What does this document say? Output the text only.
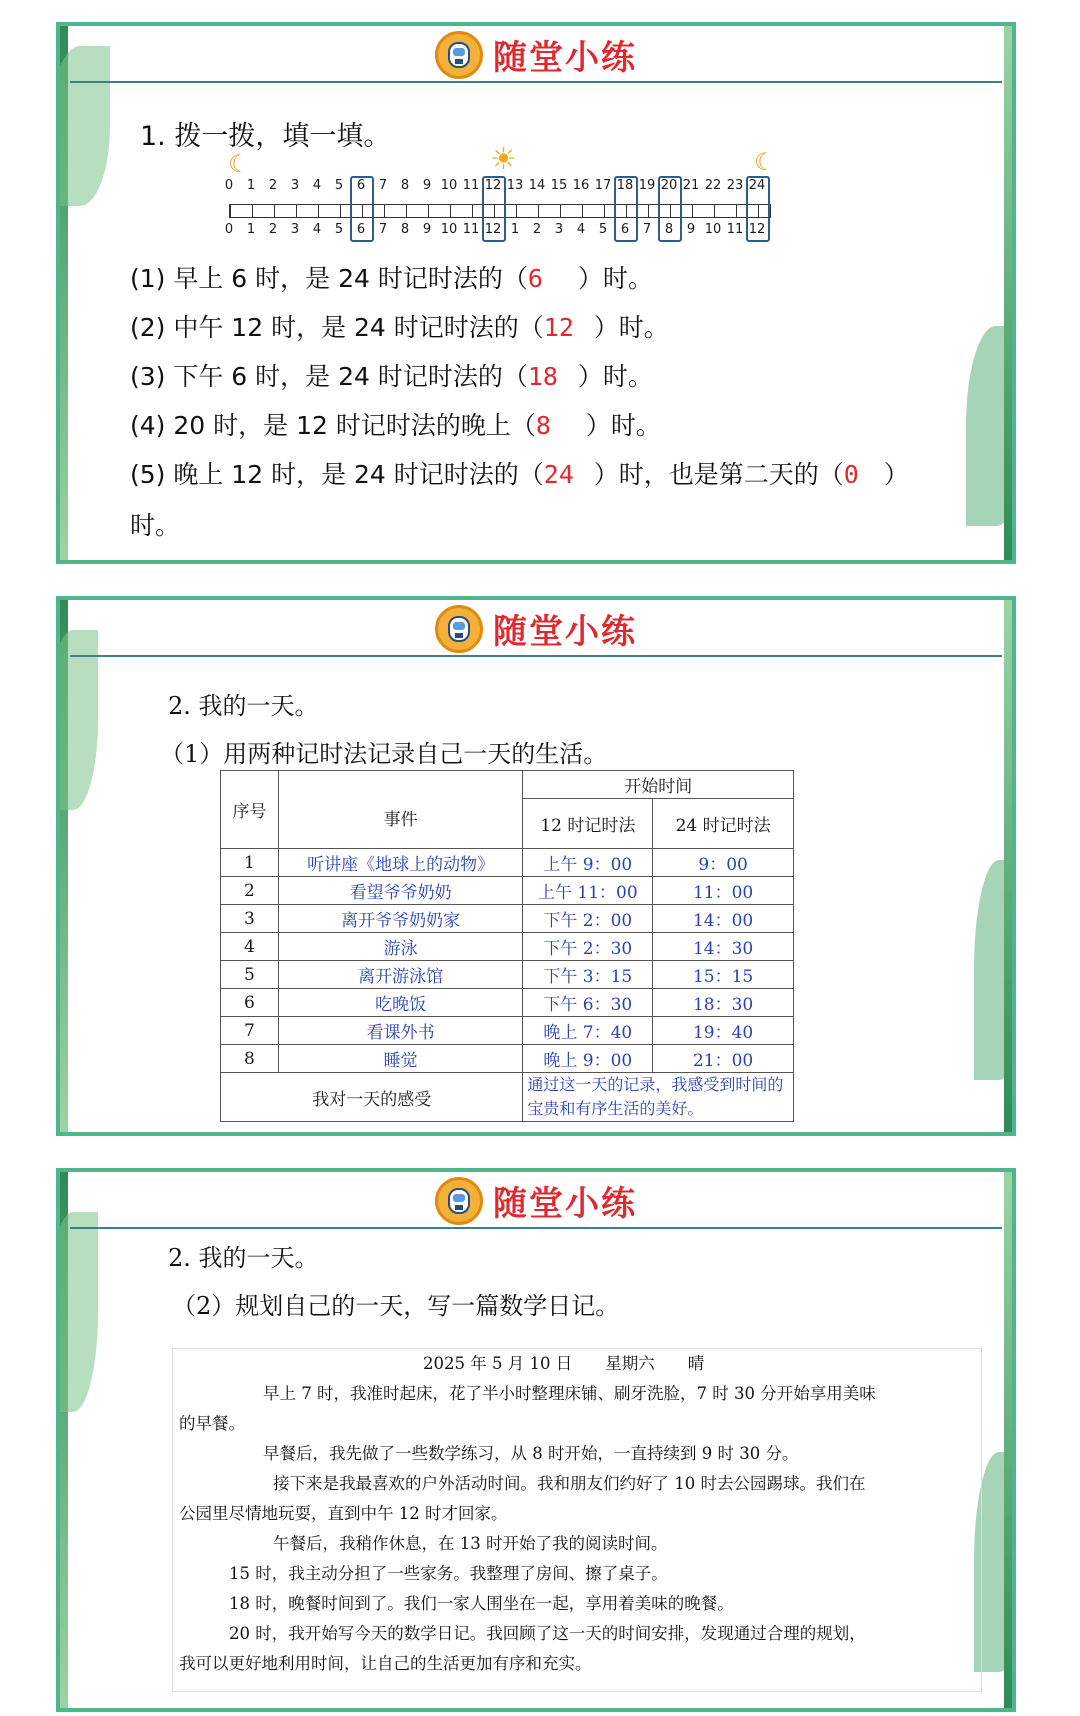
随堂小练
1. 拨一拨，填一填。
☾	☀	☾
0
0
1
1
2
2
3
3
4
4
5
5
6
6
7
7
8
8
9
9
10
10
11
11
12
12
13
1
14
2
15
3
16
4
17
5
18
6
19
7
20
8
21
9
22
10
23
11
24
12
(1) 早上 6 时，是 24 时记时法的（6 ）时。
(2) 中午 12 时，是 24 时记时法的（12 ）时。
(3) 下午 6 时，是 24 时记时法的（18 ）时。
(4) 20 时，是 12 时记时法的晚上（8 ）时。
(5) 晚上 12 时，是 24 时记时法的（24 ）时，也是第二天的（0 ）
时。
随堂小练
2. 我的一天。
（1）用两种记时法记录自己一天的生活。
序号	事件	开始时间	
		12 时记时法	24 时记时法
1	听讲座《地球上的动物》	上午 9：00	9：00
2	看望爷爷奶奶	上午 11：00	11：00
3	离开爷爷奶奶家	下午 2：00	14：00
4	游泳	下午 2：30	14：30
5	离开游泳馆	下午 3：15	15：15
6	吃晚饭	下午 6：30	18：30
7	看课外书	晚上 7：40	19：40
8	睡觉	晚上 9：00	21：00
我对一天的感受		通过这一天的记录，我感受到时间的宝贵和有序生活的美好。	
随堂小练
2. 我的一天。
（2）规划自己的一天，写一篇数学日记。

2025 年 5 月 10 日　　星期六　　晴

早上 7 时，我准时起床，花了半小时整理床铺、刷牙洗脸，7 时 30 分开始享用美味

的早餐。

早餐后，我先做了一些数学练习，从 8 时开始，一直持续到 9 时 30 分。

接下来是我最喜欢的户外活动时间。我和朋友们约好了 10 时去公园踢球。我们在

公园里尽情地玩耍，直到中午 12 时才回家。

午餐后，我稍作休息，在 13 时开始了我的阅读时间。

15 时，我主动分担了一些家务。我整理了房间、擦了桌子。

18 时，晚餐时间到了。我们一家人围坐在一起，享用着美味的晚餐。

20 时，我开始写今天的数学日记。我回顾了这一天的时间安排，发现通过合理的规划，

我可以更好地利用时间，让自己的生活更加有序和充实。
